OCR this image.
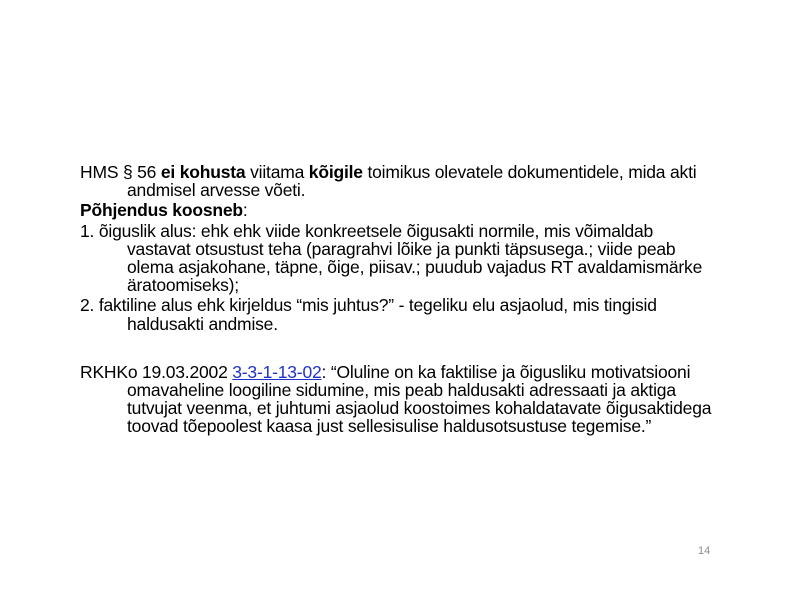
HMS § 56 ei kohusta viitama kõigile toimikus olevatele dokumentidele, mida akti andmisel arvesse võeti.

Põhjendus koosneb:

1. õiguslik alus: ehk ehk viide konkreetsele õigusakti normile, mis võimaldab vastavat otsustust teha (paragrahvi lõike ja punkti täpsusega.; viide peab olema asjakohane, täpne, õige, piisav.; puudub vajadus RT avaldamismärke äratoomiseks);

2. faktiline alus ehk kirjeldus “mis juhtus?” - tegeliku elu asjaolud, mis tingisid haldusakti andmise.

RKHKo 19.03.2002 3-3-1-13-02: “Oluline on ka faktilise ja õigusliku motivatsiooni omavaheline loogiline sidumine, mis peab haldusakti adressaati ja aktiga tutvujat veenma, et juhtumi asjaolud koostoimes kohaldatavate õigusaktidega toovad tõepoolest kaasa just sellesisulise haldusotsustuse tegemise.”

14
